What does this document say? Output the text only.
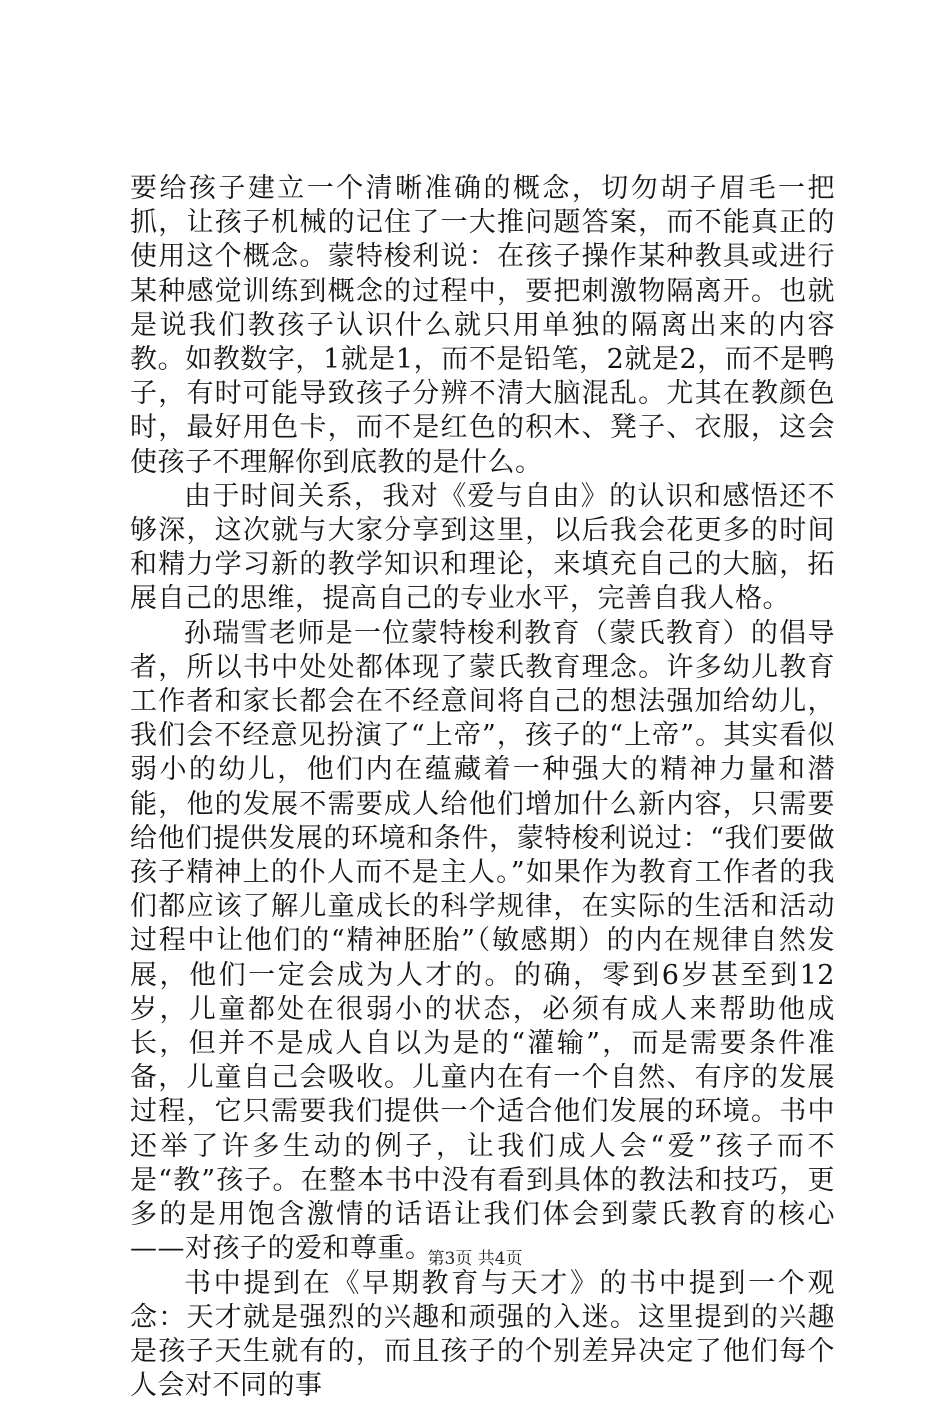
要给孩子建立一个清晰准确的概念，切勿胡子眉毛一把抓，让孩子机械的记住了一大推问题答案，而不能真正的使用这个概念。蒙特梭利说：在孩子操作某种教具或进行某种感觉训练到概念的过程中，要把刺激物隔离开。也就是说我们教孩子认识什么就只用单独的隔离出来的内容教。如教数字，1就是1，而不是铅笔，2就是2，而不是鸭子，有时可能导致孩子分辨不清大脑混乱。尤其在教颜色时，最好用色卡，而不是红色的积木、凳子、衣服，这会使孩子不理解你到底教的是什么。

由于时间关系，我对《爱与自由》的认识和感悟还不够深，这次就与大家分享到这里，以后我会花更多的时间和精力学习新的教学知识和理论，来填充自己的大脑，拓展自己的思维，提高自己的专业水平，完善自我人格。

孙瑞雪老师是一位蒙特梭利教育（蒙氏教育）的倡导者，所以书中处处都体现了蒙氏教育理念。许多幼儿教育工作者和家长都会在不经意间将自己的想法强加给幼儿，我们会不经意见扮演了“上帝”，孩子的“上帝”。其实看似弱小的幼儿，他们内在蕴藏着一种强大的精神力量和潜能，他的发展不需要成人给他们增加什么新内容，只需要给他们提供发展的环境和条件，蒙特梭利说过：“我们要做孩子精神上的仆人而不是主人。”如果作为教育工作者的我们都应该了解儿童成长的科学规律，在实际的生活和活动过程中让他们的“精神胚胎”（敏感期）的内在规律自然发展，他们一定会成为人才的。的确，零到6岁甚至到12岁，儿童都处在很弱小的状态，必须有成人来帮助他成长，但并不是成人自以为是的“灌输”，而是需要条件准备，儿童自己会吸收。儿童内在有一个自然、有序的发展过程，它只需要我们提供一个适合他们发展的环境。书中还举了许多生动的例子，让我们成人会“爱”孩子而不是“教”孩子。在整本书中没有看到具体的教法和技巧，更多的是用饱含激情的话语让我们体会到蒙氏教育的核心——对孩子的爱和尊重。

书中提到在《早期教育与天才》的书中提到一个观念：天才就是强烈的兴趣和顽强的入迷。这里提到的兴趣是孩子天生就有的，而且孩子的个别差异决定了他们每个人会对不同的事

第3页 共4页
